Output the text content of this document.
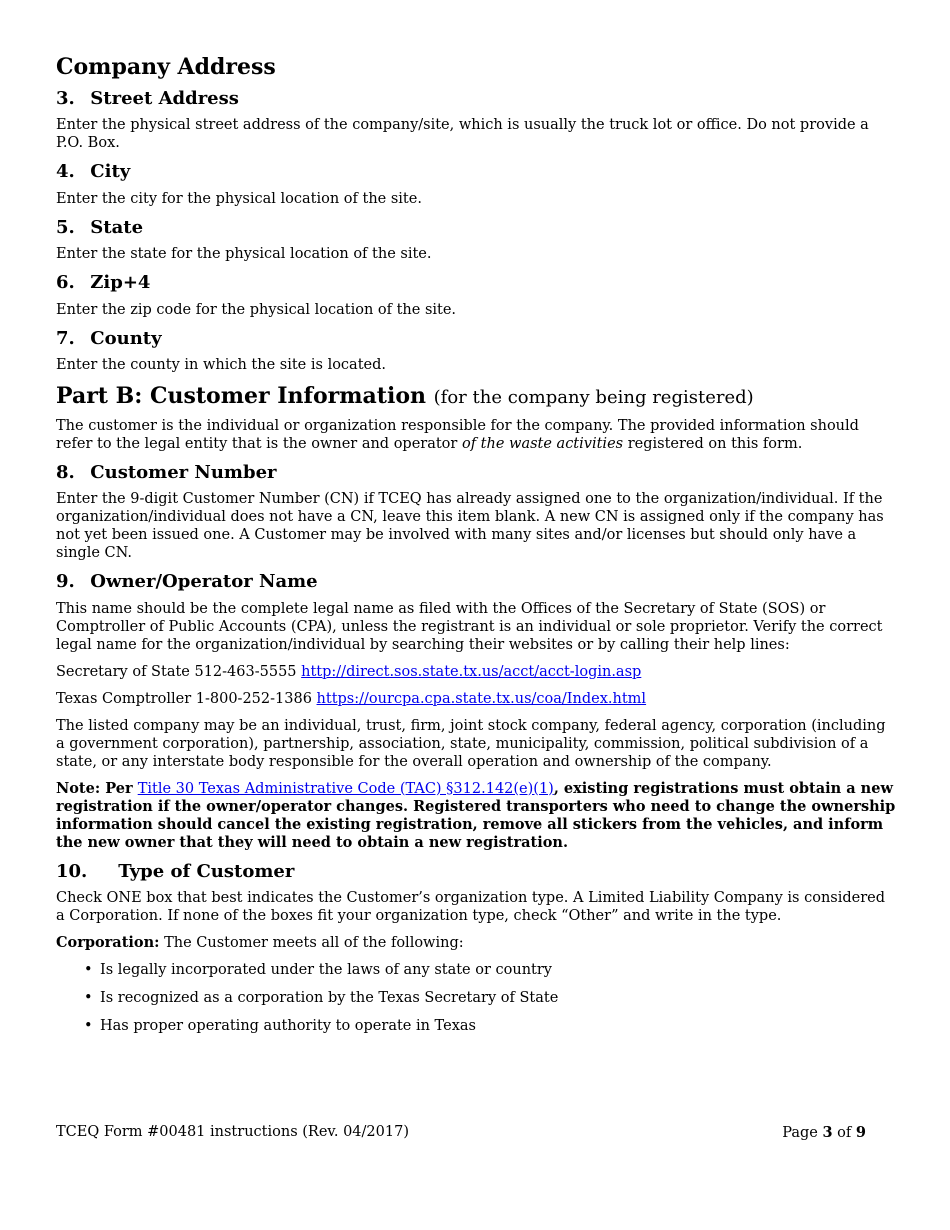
Company Address
3. Street Address

Enter the physical street address of the company/site, which is usually the truck lot or office. Do not provide a P.O. Box.

4. City

Enter the city for the physical location of the site.

5. State

Enter the state for the physical location of the site.

6. Zip+4

Enter the zip code for the physical location of the site.

7. County

Enter the county in which the site is located.

Part B: Customer Information (for the company being registered)

The customer is the individual or organization responsible for the company. The provided information should refer to the legal entity that is the owner and operator of the waste activities registered on this form.

8. Customer Number

Enter the 9-digit Customer Number (CN) if TCEQ has already assigned one to the organization/individual. If the organization/individual does not have a CN, leave this item blank. A new CN is assigned only if the company has not yet been issued one. A Customer may be involved with many sites and/or licenses but should only have a single CN.

9. Owner/Operator Name

This name should be the complete legal name as filed with the Offices of the Secretary of State (SOS) or Comptroller of Public Accounts (CPA), unless the registrant is an individual or sole proprietor. Verify the correct legal name for the organization/individual by searching their websites or by calling their help lines:

Secretary of State 512-463-5555 http://direct.sos.state.tx.us/acct/acct-login.asp

Texas Comptroller 1-800-252-1386 https://ourcpa.cpa.state.tx.us/coa/Index.html

The listed company may be an individual, trust, firm, joint stock company, federal agency, corporation (including a government corporation), partnership, association, state, municipality, commission, political subdivision of a state, or any interstate body responsible for the overall operation and ownership of the company.

Note: Per Title 30 Texas Administrative Code (TAC) §312.142(e)(1), existing registrations must obtain a new registration if the owner/operator changes. Registered transporters who need to change the ownership information should cancel the existing registration, remove all stickers from the vehicles, and inform the new owner that they will need to obtain a new registration.

10. Type of Customer

Check ONE box that best indicates the Customer’s organization type. A Limited Liability Company is considered a Corporation. If none of the boxes fit your organization type, check “Other” and write in the type.

Corporation: The Customer meets all of the following:

• Is legally incorporated under the laws of any state or country
• Is recognized as a corporation by the Texas Secretary of State
• Has proper operating authority to operate in Texas
TCEQ Form #00481 instructions (Rev. 04/2017)	Page 3 of 9
